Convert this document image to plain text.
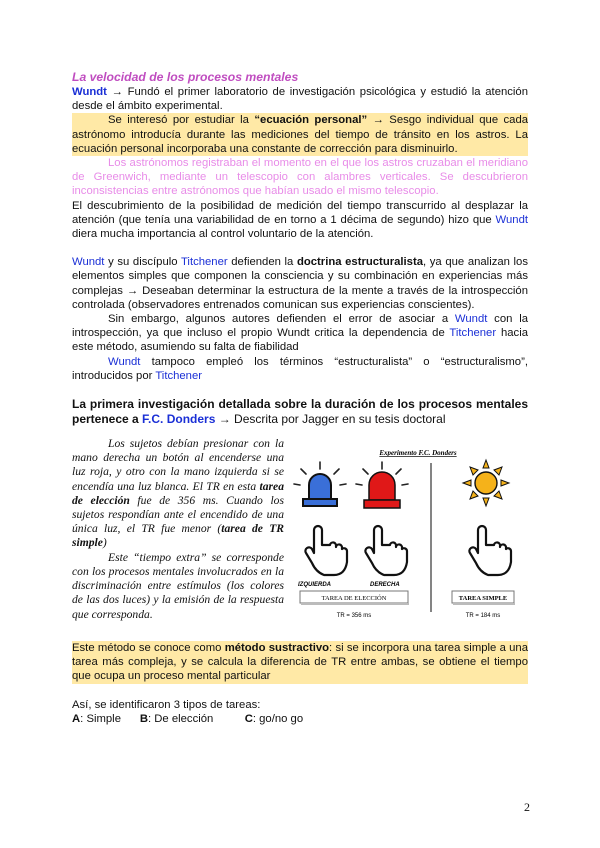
La velocidad de los procesos mentales

Wundt → Fundó el primer laboratorio de investigación psicológica y estudió la atención desde el ámbito experimental.

Se interesó por estudiar la “ecuación personal” → Sesgo individual que cada astrónomo introducía durante las mediciones del tiempo de tránsito en los astros. La ecuación personal incorporaba una constante de corrección para disminuirlo.

Los astrónomos registraban el momento en el que los astros cruzaban el meridiano de Greenwich, mediante un telescopio con alambres verticales. Se descubrieron inconsistencias entre astrónomos que habían usado el mismo telescopio.

El descubrimiento de la posibilidad de medición del tiempo transcurrido al desplazar la atención (que tenía una variabilidad de en torno a 1 décima de segundo) hizo que Wundt diera mucha importancia al control voluntario de la atención.

Wundt y su discípulo Titchener defienden la doctrina estructuralista, ya que analizan los elementos simples que componen la consciencia y su combinación en experiencias más complejas → Deseaban determinar la estructura de la mente a través de la introspección controlada (observadores entrenados comunican sus experiencias conscientes).

Sin embargo, algunos autores defienden el error de asociar a Wundt con la introspección, ya que incluso el propio Wundt critica la dependencia de Titchener hacia este método, asumiendo su falta de fiabilidad

Wundt tampoco empleó los términos “estructuralista” o “estructuralismo”, introducidos por Titchener

La primera investigación detallada sobre la duración de los procesos mentales pertenece a F.C. Donders → Descrita por Jagger en su tesis doctoral

Los sujetos debían presionar con la mano derecha un botón al encenderse una luz roja, y otro con la mano izquierda si se encendía una luz blanca. El TR en esta tarea de elección fue de 356 ms. Cuando los sujetos respondían ante el encendido de una única luz, el TR fue menor (tarea de TR simple)

Este “tiempo extra” se corresponde con los procesos mentales involucrados en la discriminación entre estímulos (los colores de las dos luces) y la emisión de la respuesta que corresponda.

Experimento F.C. Donders
IZQUIERDA	DERECHA
TAREA DE ELECCIÓN	TAREA SIMPLE
TR = 356 ms	TR = 184 ms

Este método se conoce como método sustractivo: si se incorpora una tarea simple a una tarea más compleja, y se calcula la diferencia de TR entre ambas, se obtiene el tiempo que ocupa un proceso mental particular

Así, se identificaron 3 tipos de tareas:

A: Simple B: De elección	C: go/no go

2
